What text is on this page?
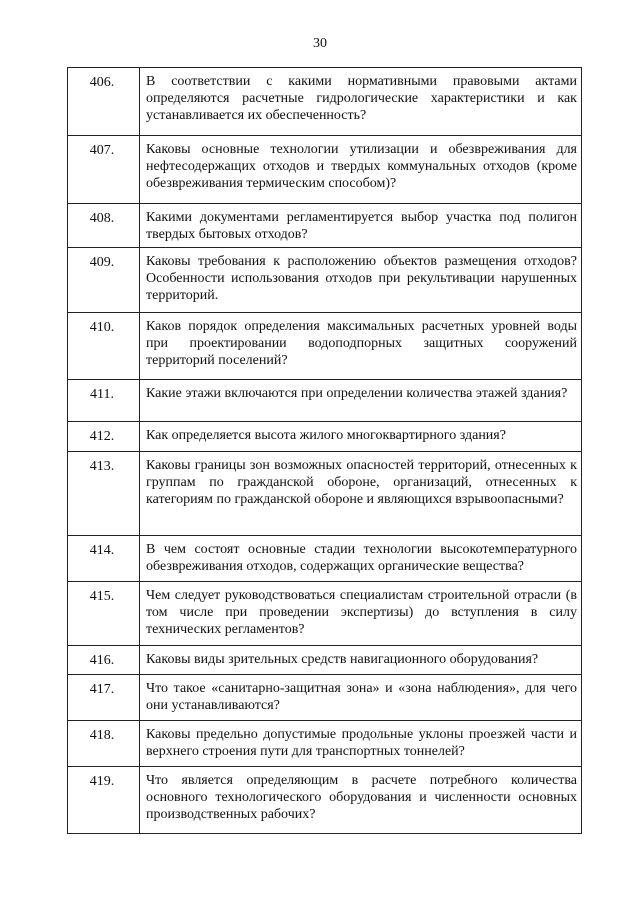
30
406.	В соответствии с какими нормативными правовыми актами определяются расчетные гидрологические характеристики и как устанавливается их обеспеченность?
407.	Каковы основные технологии утилизации и обезвреживания для нефтесодержащих отходов и твердых коммунальных отходов (кроме обезвреживания термическим способом)?
408.	Какими документами регламентируется выбор участка под полигон твердых бытовых отходов?
409.	Каковы требования к расположению объектов размещения отходов? Особенности использования отходов при рекультивации нарушенных территорий.
410.	Каков порядок определения максимальных расчетных уровней воды при проектировании водоподпорных защитных сооружений территорий поселений?
411.	Какие этажи включаются при определении количества этажей здания?
412.	Как определяется высота жилого многоквартирного здания?
413.	Каковы границы зон возможных опасностей территорий, отнесенных к группам по гражданской обороне, организаций, отнесенных к категориям по гражданской обороне и являющихся взрывоопасными?
414.	В чем состоят основные стадии технологии высокотемпературного обезвреживания отходов, содержащих органические вещества?
415.	Чем следует руководствоваться специалистам строительной отрасли (в том числе при проведении экспертизы) до вступления в силу технических регламентов?
416.	Каковы виды зрительных средств навигационного оборудования?
417.	Что такое «санитарно-защитная зона» и «зона наблюдения», для чего они устанавливаются?
418.	Каковы предельно допустимые продольные уклоны проезжей части и верхнего строения пути для транспортных тоннелей?
419.	Что является определяющим в расчете потребного количества основного технологического оборудования и численности основных производственных рабочих?
